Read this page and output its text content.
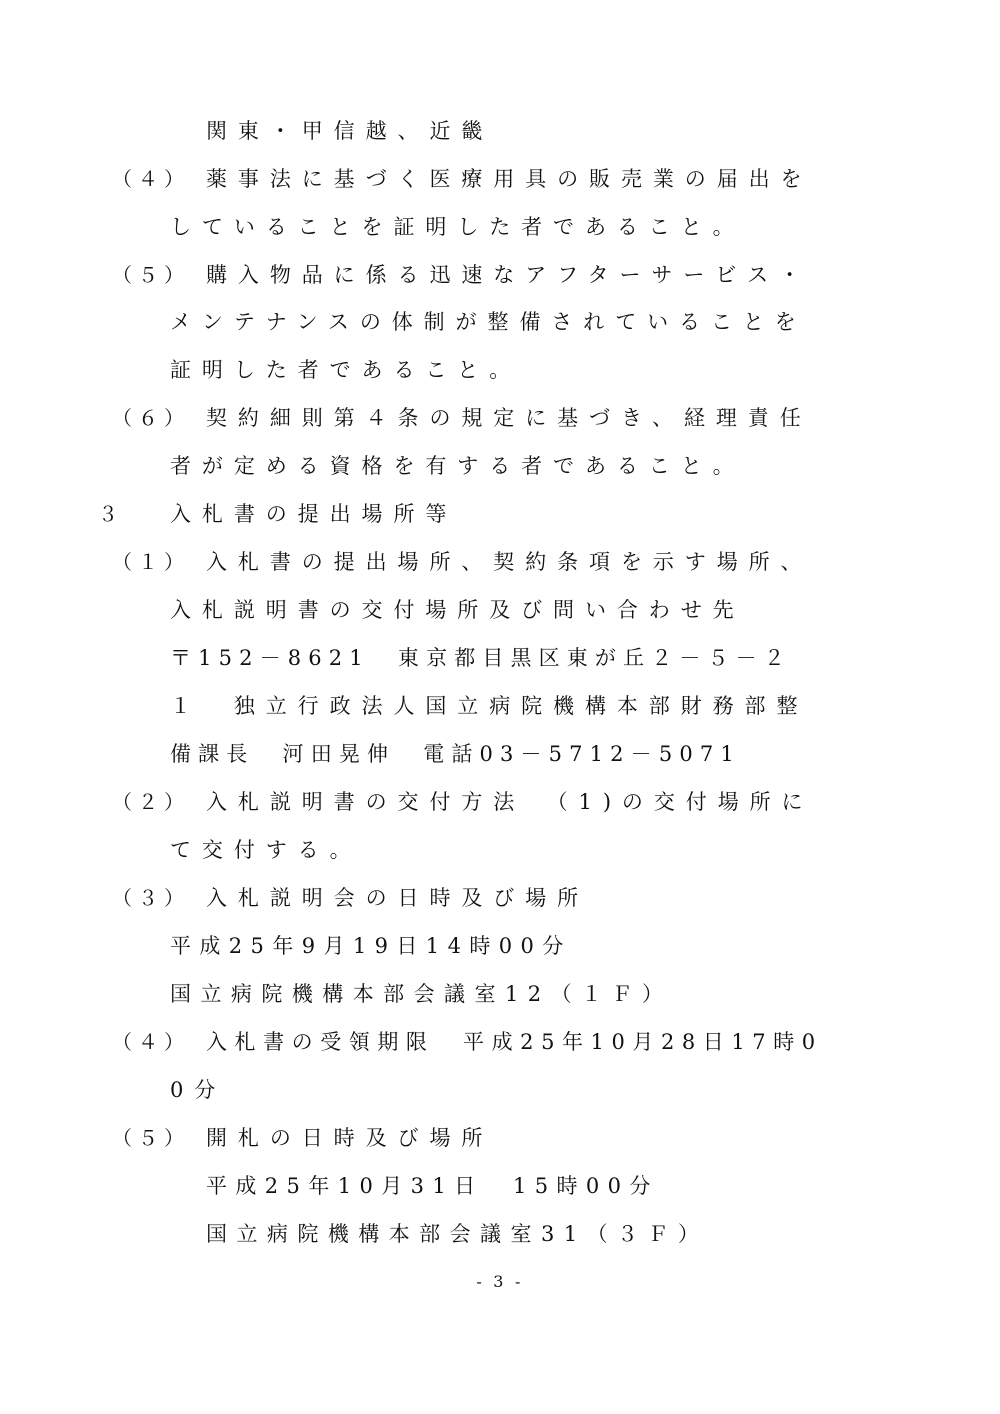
（４）
（５）
（６）
３
（１）
（２）
（３）
（４）
（５）
関東・甲信越、近畿
薬事法に基づく医療用具の販売業の届出を
していることを証明した者であること。
購入物品に係る迅速なアフターサービス・
メンテナンスの体制が整備されていることを
証明した者であること。
契約細則第４条の規定に基づき、経理責任
者が定める資格を有する者であること。
入札書の提出場所等
入札書の提出場所、契約条項を示す場所、
入札説明書の交付場所及び問い合わせ先
〒152－8621　東京都目黒区東が丘２－５－２
１　独立行政法人国立病院機構本部財務部整
備課長　河田晃伸　電話03－5712－5071
入札説明書の交付方法　（1)の交付場所に
て交付する。
入札説明会の日時及び場所
平成25年9月19日14時00分
国立病院機構本部会議室12（１Ｆ）
入札書の受領期限　平成25年10月28日17時0
0分
開札の日時及び場所
平成25年10月31日　15時00分
国立病院機構本部会議室31（３Ｆ）
- 3 -
